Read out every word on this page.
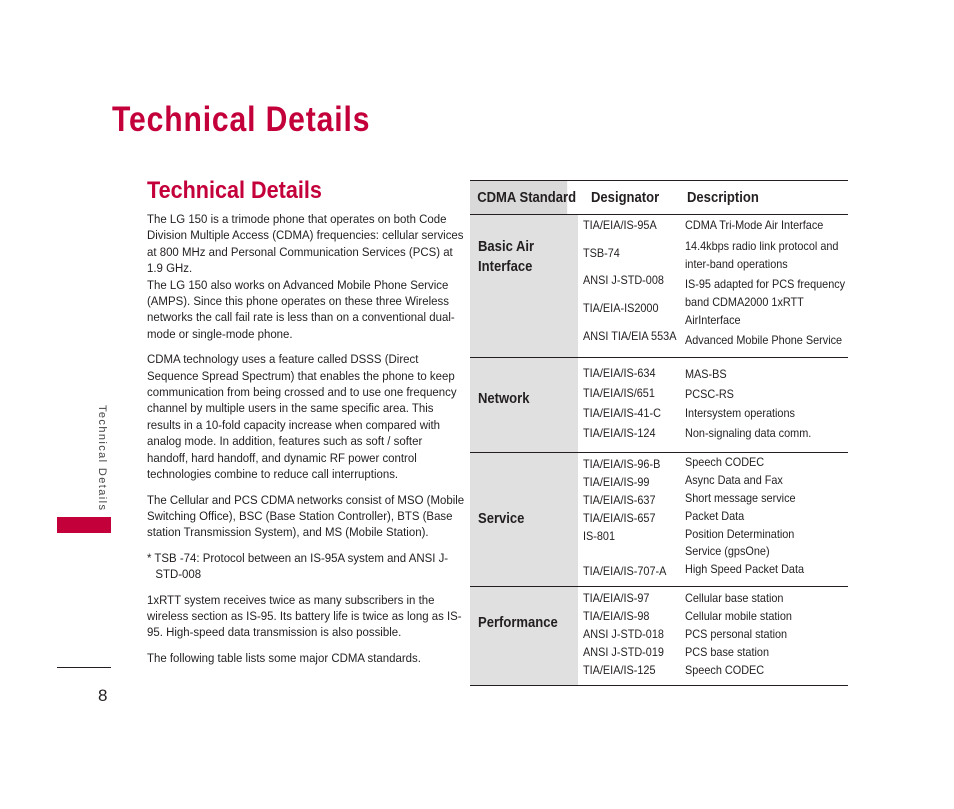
Technical Details
Technical Details
8
Technical Details

The LG 150 is a trimode phone that operates on both Code Division Multiple Access (CDMA) frequencies: cellular services at 800 MHz and Personal Communication Services (PCS) at 1.9 GHz.

The LG 150 also works on Advanced Mobile Phone Service (AMPS). Since this phone operates on these three Wireless networks the call fail rate is less than on a conventional dual-mode or single-mode phone.

CDMA technology uses a feature called DSSS (Direct Sequence Spread Spectrum) that enables the phone to keep communication from being crossed and to use one frequency channel by multiple users in the same specific area. This results in a 10-fold capacity increase when compared with analog mode. In addition, features such as soft / softer handoff, hard handoff, and dynamic RF power control technologies combine to reduce call interruptions.

The Cellular and PCS CDMA networks consist of MSO (Mobile Switching Office), BSC (Base Station Controller), BTS (Base station Transmission System), and MS (Mobile Station).

* TSB -74: Protocol between an IS-95A system and ANSI J-STD-008

1xRTT system receives twice as many subscribers in the wireless section as IS-95. Its battery life is twice as long as IS-95. High-speed data transmission is also possible.

The following table lists some major CDMA standards.

CDMA Standard Designator Description
Basic Air Interface
TIA/EIA/IS-95A
TSB-74
ANSI J-STD-008
TIA/EIA-IS2000
ANSI TIA/EIA 553A
CDMA Tri-Mode Air Interface
14.4kbps radio link protocol and
inter-band operations
IS-95 adapted for PCS frequency
band CDMA2000 1xRTT
AirInterface
Advanced Mobile Phone Service
Network
TIA/EIA/IS-634
TIA/EIA/IS/651
TIA/EIA/IS-41-C
TIA/EIA/IS-124
MAS-BS
PCSC-RS
Intersystem operations
Non-signaling data comm.
Service
TIA/EIA/IS-96-B
TIA/EIA/IS-99
TIA/EIA/IS-637
TIA/EIA/IS-657
IS-801
TIA/EIA/IS-707-A
Speech CODEC
Async Data and Fax
Short message service
Packet Data
Position Determination
Service (gpsOne)
High Speed Packet Data
Performance
TIA/EIA/IS-97
TIA/EIA/IS-98
ANSI J-STD-018
ANSI J-STD-019
TIA/EIA/IS-125
Cellular base station
Cellular mobile station
PCS personal station
PCS base station
Speech CODEC
